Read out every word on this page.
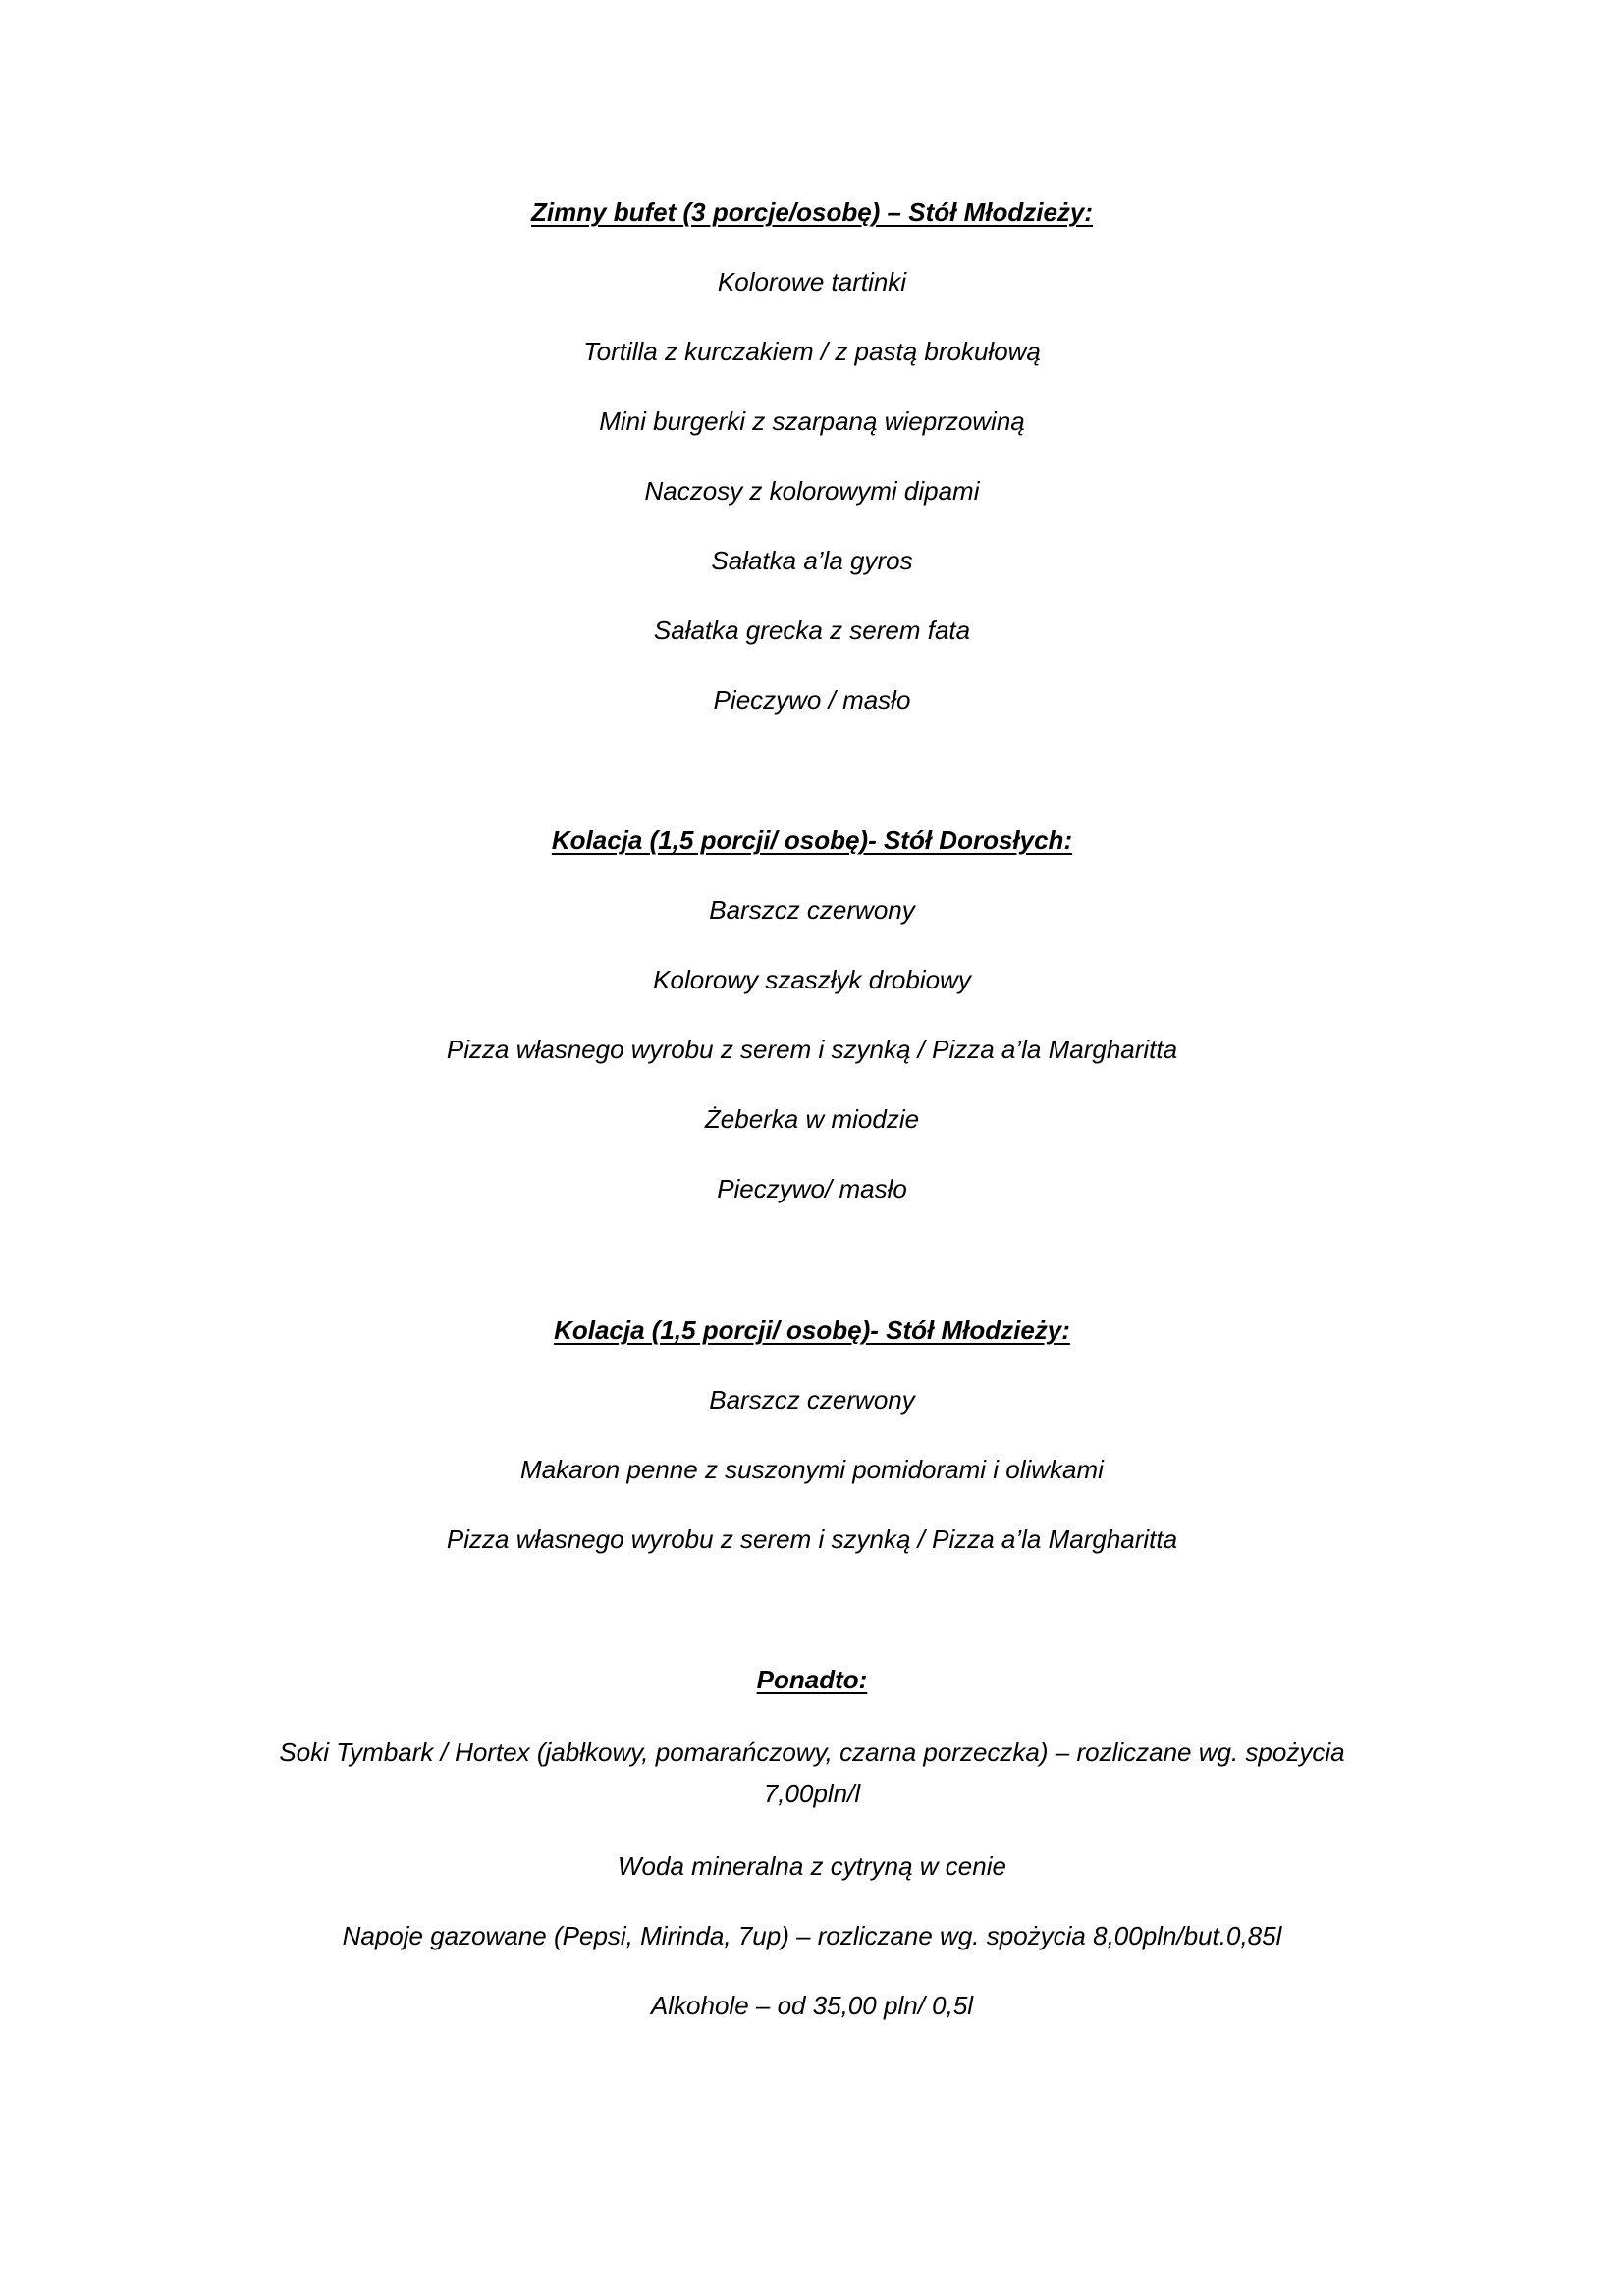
Zimny bufet (3 porcje/osobę) – Stół Młodzieży:
Kolorowe tartinki
Tortilla z kurczakiem / z pastą brokułową
Mini burgerki z szarpaną wieprzowiną
Naczosy z kolorowymi dipami
Sałatka a’la gyros
Sałatka grecka z serem fata
Pieczywo / masło
Kolacja (1,5 porcji/ osobę)- Stół Dorosłych:
Barszcz czerwony
Kolorowy szaszłyk drobiowy
Pizza własnego wyrobu z serem i szynką / Pizza a’la Margharitta
Żeberka w miodzie
Pieczywo/ masło
Kolacja (1,5 porcji/ osobę)- Stół Młodzieży:
Barszcz czerwony
Makaron penne z suszonymi pomidorami i oliwkami
Pizza własnego wyrobu z serem i szynką / Pizza a’la Margharitta
Ponadto:
Soki Tymbark / Hortex (jabłkowy, pomarańczowy, czarna porzeczka) – rozliczane wg. spożycia 7,00pln/l
Woda mineralna z cytryną w cenie
Napoje gazowane (Pepsi, Mirinda, 7up) – rozliczane wg. spożycia 8,00pln/but.0,85l
Alkohole – od 35,00 pln/ 0,5l
